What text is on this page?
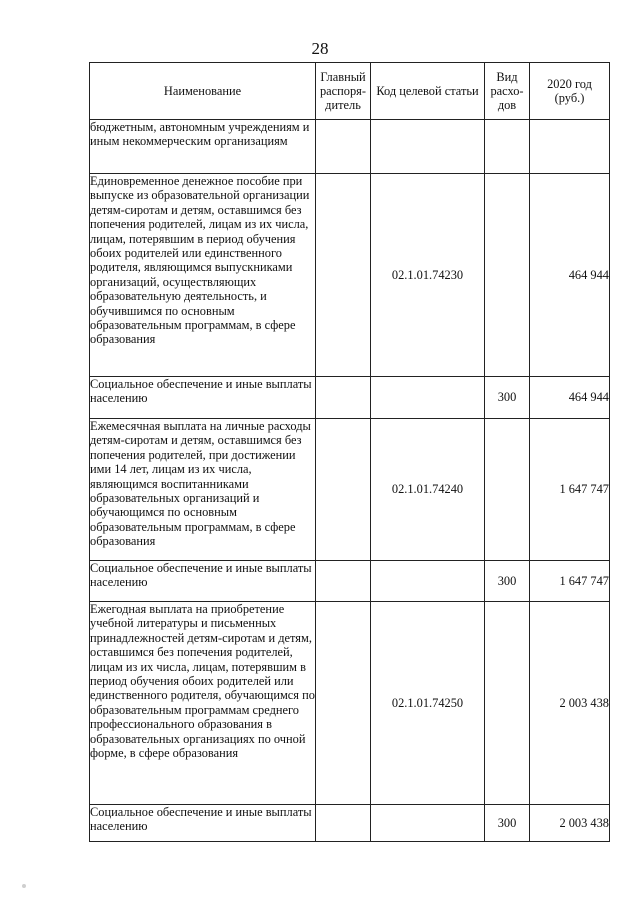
28
Наименование	Главный распоря-дитель	Код целевой статьи	Вид расхо-дов	2020 год (руб.)
бюджетным, автономным учреждениям и иным некоммерческим организациям				
Единовременное денежное пособие при выпуске из образовательной организации детям-сиротам и детям, оставшимся без попечения родителей, лицам из их числа, лицам, потерявшим в период обучения обоих родителей или единственного родителя, являющимся выпускниками организаций, осуществляющих образовательную деятельность, и обучившимся по основным образовательным программам, в сфере образования		02.1.01.74230		464 944
Социальное обеспечение и иные выплаты населению			300	464 944
Ежемесячная выплата на личные расходы детям-сиротам и детям, оставшимся без попечения родителей, при достижении ими 14 лет, лицам из их числа, являющимся воспитанниками образовательных организаций и обучающимся по основным образовательным программам, в сфере образования		02.1.01.74240		1 647 747
Социальное обеспечение и иные выплаты населению			300	1 647 747
Ежегодная выплата на приобретение учебной литературы и письменных принадлежностей детям-сиротам и детям, оставшимся без попечения родителей, лицам из их числа, лицам, потерявшим в период обучения обоих родителей или единственного родителя, обучающимся по образовательным программам среднего профессионального образования в образовательных организациях по очной форме, в сфере образования		02.1.01.74250		2 003 438
Социальное обеспечение и иные выплаты населению			300	2 003 438
